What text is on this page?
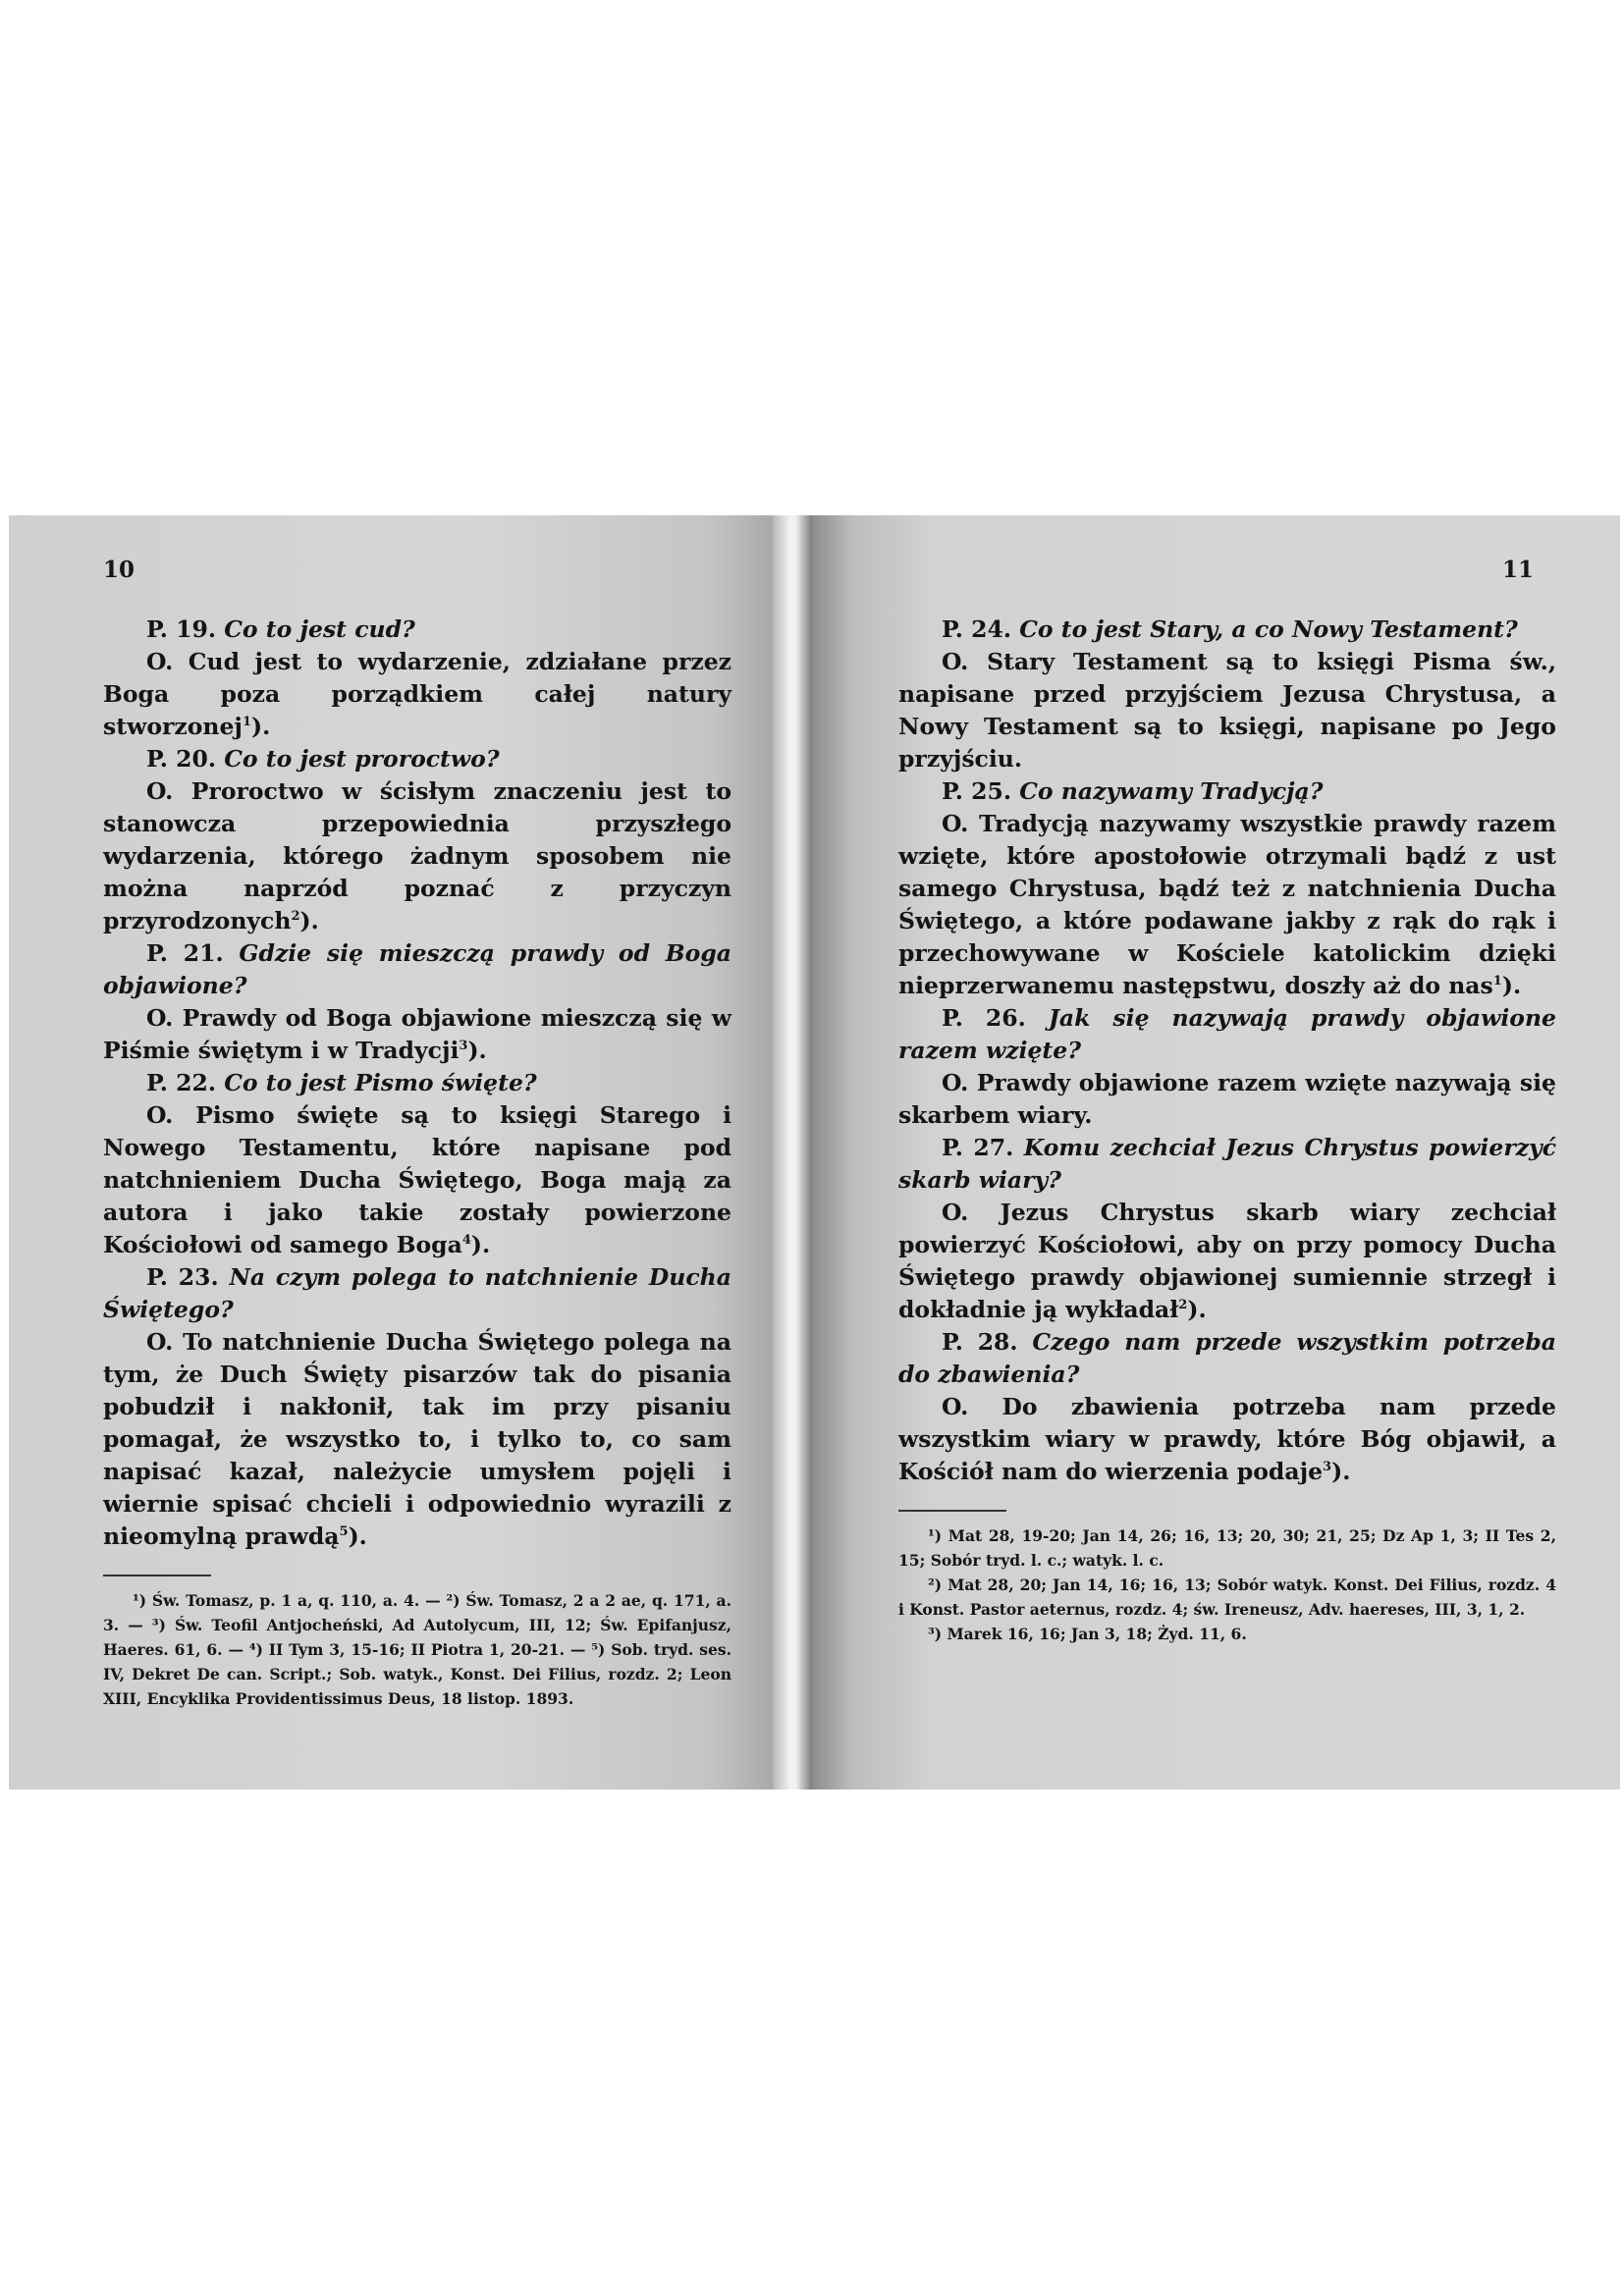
10

P. 19. Co to jest cud?

O. Cud jest to wydarzenie, zdziałane przez Boga poza porządkiem całej natury stworzonej$^1$).

P. 20. Co to jest proroctwo?

O. Proroctwo w ścisłym znaczeniu jest to stanowcza przepowiednia przyszłego wydarzenia, którego żadnym sposobem nie można naprzód poznać z przyczyn przyrodzonych$^2$).

P. 21. Gdzie się mieszczą prawdy od Boga objawione?

O. Prawdy od Boga objawione mieszczą się w Piśmie świętym i w Tradycji$^3$).

P. 22. Co to jest Pismo święte?

O. Pismo święte są to księgi Starego i Nowego Testamentu, które napisane pod natchnieniem Ducha Świętego, Boga mają za autora i jako takie zostały powierzone Kościołowi od samego Boga$^4$).

P. 23. Na czym polega to natchnienie Ducha Świętego?

O. To natchnienie Ducha Świętego polega na tym, że Duch Święty pisarzów tak do pisania pobudził i nakłonił, tak im przy pisaniu pomagał, że wszystko to, i tylko to, co sam napisać kazał, należycie umysłem pojęli i wiernie spisać chcieli i odpowiednio wyrazili z nieomylną prawdą$^5$).

¹) Św. Tomasz, p. 1 a, q. 110, a. 4. — ²) Św. Tomasz, 2 a 2 ae, q. 171, a. 3. — ³) Św. Teofil Antjocheński, Ad Autolycum, III, 12; Św. Epifanjusz, Haeres. 61, 6. — ⁴) II Tym 3, 15-16; II Piotra 1, 20-21. — ⁵) Sob. tryd. ses. IV, Dekret De can. Script.; Sob. watyk., Konst. Dei Filius, rozdz. 2; Leon XIII, Encyklika Providentissimus Deus, 18 listop. 1893.

11

P. 24. Co to jest Stary, a co Nowy Testament?

O. Stary Testament są to księgi Pisma św., napisane przed przyjściem Jezusa Chrystusa, a Nowy Testament są to księgi, napisane po Jego przyjściu.

P. 25. Co nazywamy Tradycją?

O. Tradycją nazywamy wszystkie prawdy razem wzięte, które apostołowie otrzymali bądź z ust samego Chrystusa, bądź też z natchnienia Ducha Świętego, a które podawane jakby z rąk do rąk i przechowywane w Kościele katolickim dzięki nieprzerwanemu następstwu, doszły aż do nas$^1$).

P. 26. Jak się nazywają prawdy objawione razem wzięte?

O. Prawdy objawione razem wzięte nazywają się skarbem wiary.

P. 27. Komu zechciał Jezus Chrystus powierzyć skarb wiary?

O. Jezus Chrystus skarb wiary zechciał powierzyć Kościołowi, aby on przy pomocy Ducha Świętego prawdy objawionej sumiennie strzegł i dokładnie ją wykładał$^2$).

P. 28. Czego nam przede wszystkim potrzeba do zbawienia?

O. Do zbawienia potrzeba nam przede wszystkim wiary w prawdy, które Bóg objawił, a Kościół nam do wierzenia podaje$^3$).

¹) Mat 28, 19-20; Jan 14, 26; 16, 13; 20, 30; 21, 25; Dz Ap 1, 3; II Tes 2, 15; Sobór tryd. l. c.; watyk. l. c.

²) Mat 28, 20; Jan 14, 16; 16, 13; Sobór watyk. Konst. Dei Filius, rozdz. 4 i Konst. Pastor aeternus, rozdz. 4; św. Ireneusz, Adv. haereses, III, 3, 1, 2.

³) Marek 16, 16; Jan 3, 18; Żyd. 11, 6.
